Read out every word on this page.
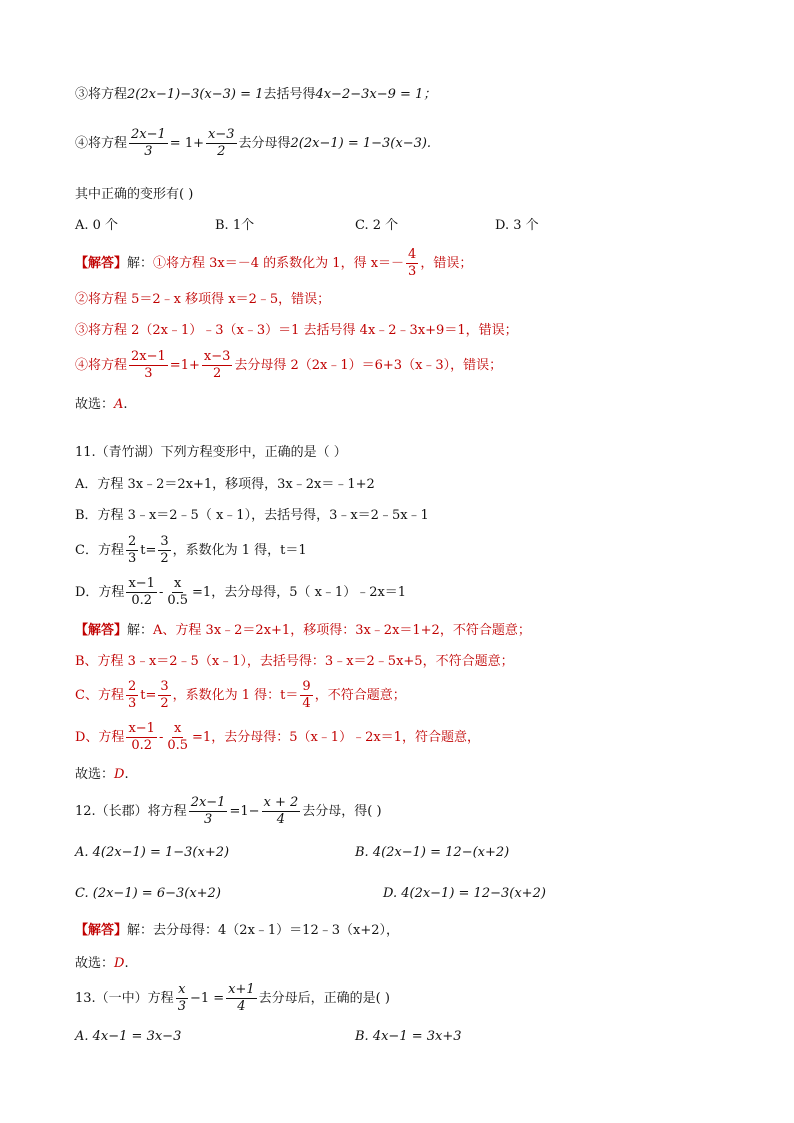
③将方程 2(2x−1)−3(x−3) = 1 去括号得 4x−2−3x−9 = 1；
④将方程 $\frac{2x-1}{3} = 1+ \frac{x-3}{2}$ 去分母得 2(2x−1) = 1−3(x−3).
其中正确的变形有( )
A. 0 个	B. 1个	C. 2 个	D. 3 个
【解答】 解： ①将方程 3x＝－4 的系数化为 1，得 $x=- \frac{4}{3}$ ，错误；
②将方程 5＝2﹣x 移项得 x＝2﹣5，错误；
③将方程 2（2x﹣1）﹣3（x﹣3）＝1 去括号得 4x﹣2﹣3x+9＝1，错误；
④将方程 $\frac{2x-1}{3} =1+ \frac{x-3}{2}$ 去分母得 2（2x﹣1）＝6+3（x﹣3），错误；
故选： A .
11.（青竹湖）下列方程变形中，正确的是（ ）
A．方程 3x﹣2＝2x+1，移项得，3x﹣2x＝﹣1+2
B．方程 3﹣x＝2﹣5（ x﹣1），去括号得，3﹣x＝2﹣5x﹣1
C．方程 $\frac{2}{3} t= \frac{3}{2}$ ，系数化为 1 得，t＝1
D．方程 $\frac{x-1}{0.2} - \frac{x}{0.5} =1$，去分母得，5（ x﹣1）﹣2x＝1
【解答】 解： A、方程 3x﹣2＝2x+1，移项得：3x﹣2x＝1+2，不符合题意；
B、方程 3﹣x＝2﹣5（x﹣1），去括号得：3﹣x＝2﹣5x+5，不符合题意；
C、方程 $\frac{2}{3} t= \frac{3}{2}$ ，系数化为 1 得：$t= \frac{9}{4}$ ，不符合题意；
D、方程 $\frac{x-1}{0.2} - \frac{x}{0.5} =1$，去分母得：5（x﹣1）﹣2x＝1，符合题意，
故选： D .
12.（长郡）将方程 $\frac{2x-1}{3} =1- \frac{x + 2}{4}$ 去分母，得( )
A. 4(2x−1) = 1−3(x+2)	B. 4(2x−1) = 12−(x+2)
C. (2x−1) = 6−3(x+2)	D. 4(2x−1) = 12−3(x+2)
【解答】 解： 去分母得：4（2x﹣1）＝12﹣3（x+2），
故选： D .
13.（一中）方程 $\frac{x}{3} -1 = \frac{x+1}{4}$ 去分母后，正确的是( )
A. 4x−1 = 3x−3	B. 4x−1 = 3x+3
